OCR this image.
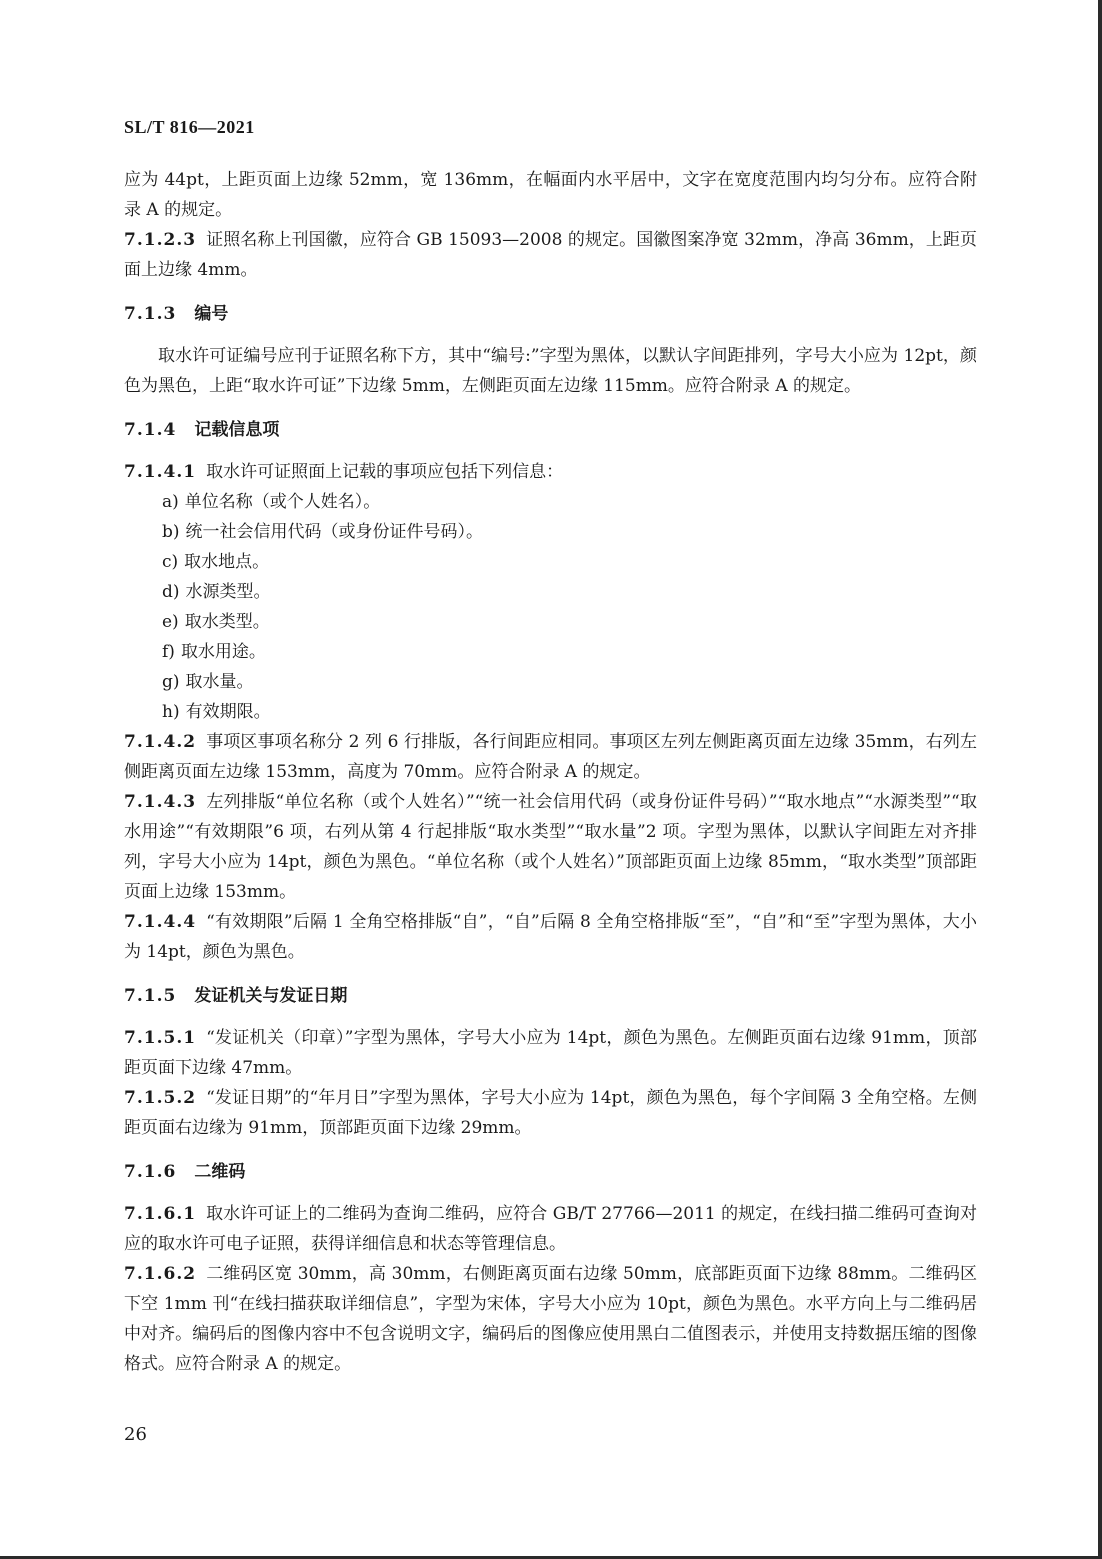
SL/T 816—2021

应为 44pt，上距页面上边缘 52mm，宽 136mm，在幅面内水平居中，文字在宽度范围内均匀分布。应符合附录 A 的规定。

7.1.2.3 证照名称上刊国徽，应符合 GB 15093—2008 的规定。国徽图案净宽 32mm，净高 36mm，上距页面上边缘 4mm。

7.1.3 编号

取水许可证编号应刊于证照名称下方，其中“编号:”字型为黑体，以默认字间距排列，字号大小应为 12pt，颜色为黑色，上距“取水许可证”下边缘 5mm，左侧距页面左边缘 115mm。应符合附录 A 的规定。

7.1.4 记载信息项

7.1.4.1 取水许可证照面上记载的事项应包括下列信息：

a) 单位名称（或个人姓名）。
b) 统一社会信用代码（或身份证件号码）。
c) 取水地点。
d) 水源类型。
e) 取水类型。
f) 取水用途。
g) 取水量。
h) 有效期限。

7.1.4.2 事项区事项名称分 2 列 6 行排版，各行间距应相同。事项区左列左侧距离页面左边缘 35mm，右列左侧距离页面左边缘 153mm，高度为 70mm。应符合附录 A 的规定。

7.1.4.3 左列排版“单位名称（或个人姓名）”“统一社会信用代码（或身份证件号码）”“取水地点”“水源类型”“取水用途”“有效期限”6 项，右列从第 4 行起排版“取水类型”“取水量”2 项。字型为黑体，以默认字间距左对齐排列，字号大小应为 14pt，颜色为黑色。“单位名称（或个人姓名）”顶部距页面上边缘 85mm，“取水类型”顶部距页面上边缘 153mm。

7.1.4.4 “有效期限”后隔 1 全角空格排版“自”，“自”后隔 8 全角空格排版“至”，“自”和“至”字型为黑体，大小为 14pt，颜色为黑色。

7.1.5 发证机关与发证日期

7.1.5.1 “发证机关（印章）”字型为黑体，字号大小应为 14pt，颜色为黑色。左侧距页面右边缘 91mm，顶部距页面下边缘 47mm。

7.1.5.2 “发证日期”的“年月日”字型为黑体，字号大小应为 14pt，颜色为黑色，每个字间隔 3 全角空格。左侧距页面右边缘为 91mm，顶部距页面下边缘 29mm。

7.1.6 二维码

7.1.6.1 取水许可证上的二维码为查询二维码，应符合 GB/T 27766—2011 的规定，在线扫描二维码可查询对应的取水许可电子证照，获得详细信息和状态等管理信息。

7.1.6.2 二维码区宽 30mm，高 30mm，右侧距离页面右边缘 50mm，底部距页面下边缘 88mm。二维码区下空 1mm 刊“在线扫描获取详细信息”，字型为宋体，字号大小应为 10pt，颜色为黑色。水平方向上与二维码居中对齐。编码后的图像内容中不包含说明文字，编码后的图像应使用黑白二值图表示，并使用支持数据压缩的图像格式。应符合附录 A 的规定。

26
